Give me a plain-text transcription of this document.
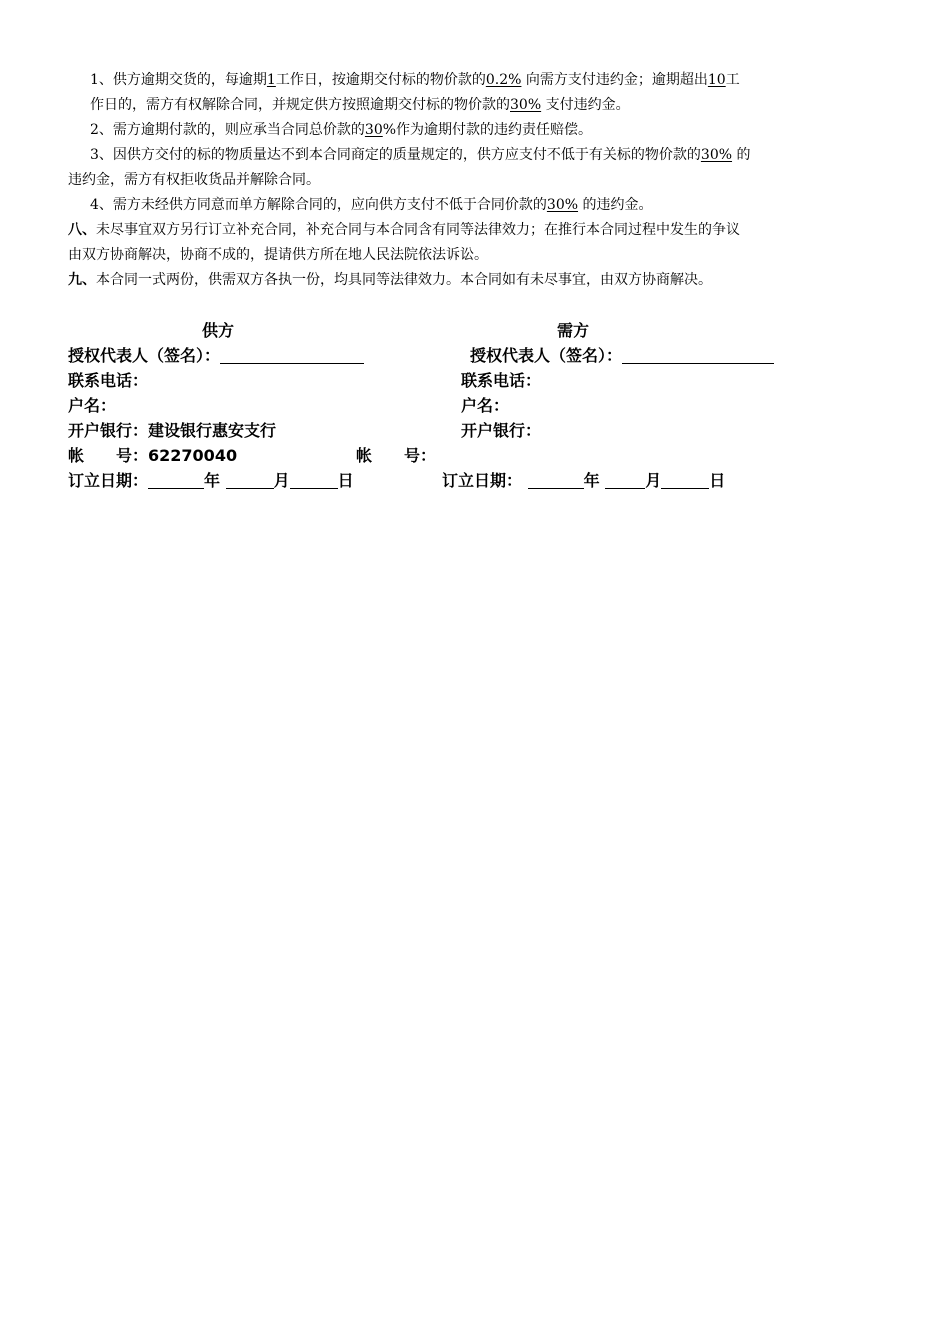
1、供方逾期交货的，每逾期1工作日，按逾期交付标的物价款的0.2% 向需方支付违约金；逾期超出10工

作日的，需方有权解除合同，并规定供方按照逾期交付标的物价款的30% 支付违约金。

2、需方逾期付款的，则应承当合同总价款的30%作为逾期付款的违约责任赔偿。

3、因供方交付的标的物质量达不到本合同商定的质量规定的，供方应支付不低于有关标的物价款的30% 的

违约金，需方有权拒收货品并解除合同。

4、需方未经供方同意而单方解除合同的，应向供方支付不低于合同价款的30% 的违约金。

八、未尽事宜双方另行订立补充合同，补充合同与本合同含有同等法律效力；在推行本合同过程中发生的争议

由双方协商解决，协商不成的，提请供方所在地人民法院依法诉讼。

九、本合同一式两份，供需双方各执一份，均具同等法律效力。本合同如有未尽事宜，由双方协商解决。

供方	需方
授权代表人（签名）：	授权代表人（签名）：
联系电话：	联系电话：
户名：	户名：
开户银行：建设银行惠安支行	开户银行：
帐　　号：62270040	帐　　号：
订立日期：	年	月	日	订立日期：	年	月	日
